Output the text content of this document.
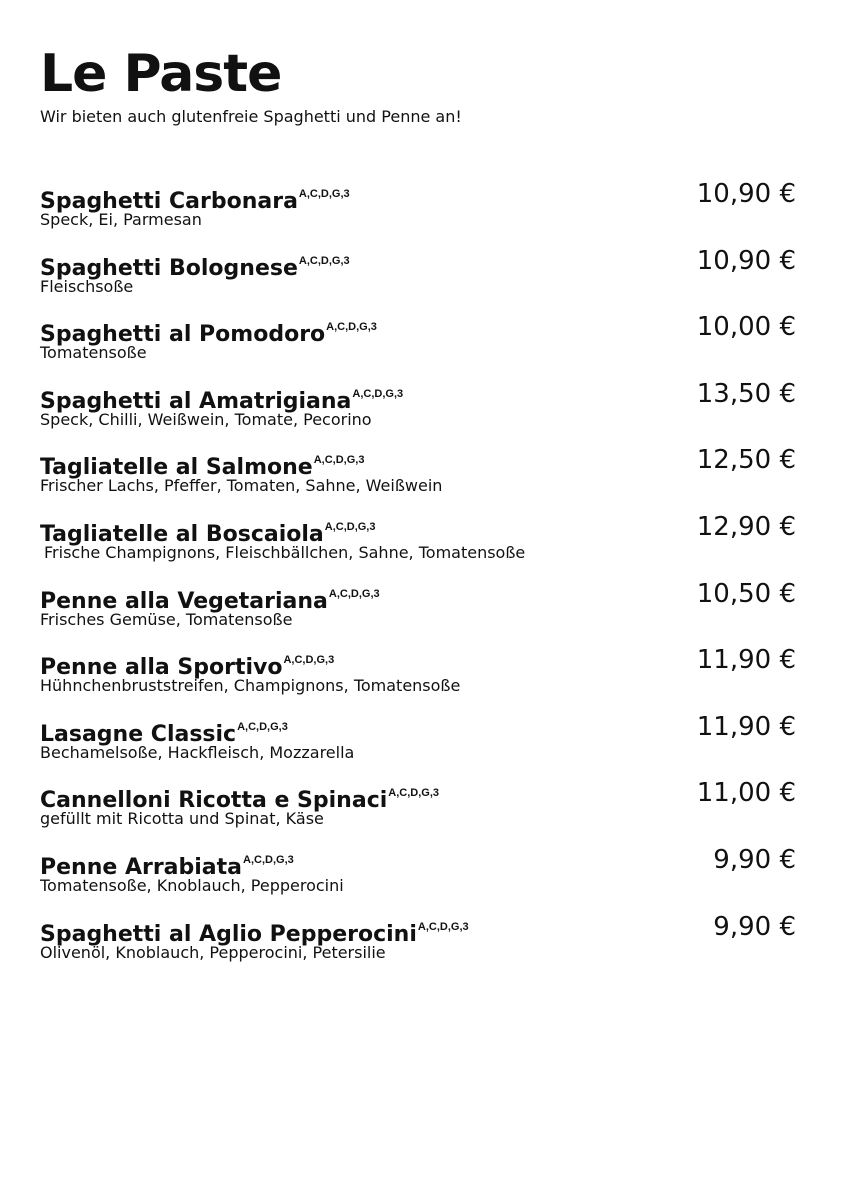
Le Paste

Wir bieten auch glutenfreie Spaghetti und Penne an!

Spaghetti Carbonara$^{A,C,D,G,3}$
Speck, Ei, Parmesan
10,90 €
Spaghetti Bolognese$^{A,C,D,G,3}$
Fleischsoße
10,90 €
Spaghetti al Pomodoro$^{A,C,D,G,3}$
Tomatensoße
10,00 €
Spaghetti al Amatrigiana$^{A,C,D,G,3}$
Speck, Chilli, Weißwein, Tomate, Pecorino
13,50 €
Tagliatelle al Salmone$^{A,C,D,G,3}$
Frischer Lachs, Pfeffer, Tomaten, Sahne, Weißwein
12,50 €
Tagliatelle al Boscaiola$^{A,C,D,G,3}$
Frische Champignons, Fleischbällchen, Sahne, Tomatensoße
12,90 €
Penne alla Vegetariana$^{A,C,D,G,3}$
Frisches Gemüse, Tomatensoße
10,50 €
Penne alla Sportivo$^{A,C,D,G,3}$
Hühnchenbruststreifen, Champignons, Tomatensoße
11,90 €
Lasagne Classic$^{A,C,D,G,3}$
Bechamelsoße, Hackfleisch, Mozzarella
11,90 €
Cannelloni Ricotta e Spinaci$^{A,C,D,G,3}$
gefüllt mit Ricotta und Spinat, Käse
11,00 €
Penne Arrabiata$^{A,C,D,G,3}$
Tomatensoße, Knoblauch, Pepperocini
9,90 €
Spaghetti al Aglio Pepperocini$^{A,C,D,G,3}$
Olivenöl, Knoblauch, Pepperocini, Petersilie
9,90 €
